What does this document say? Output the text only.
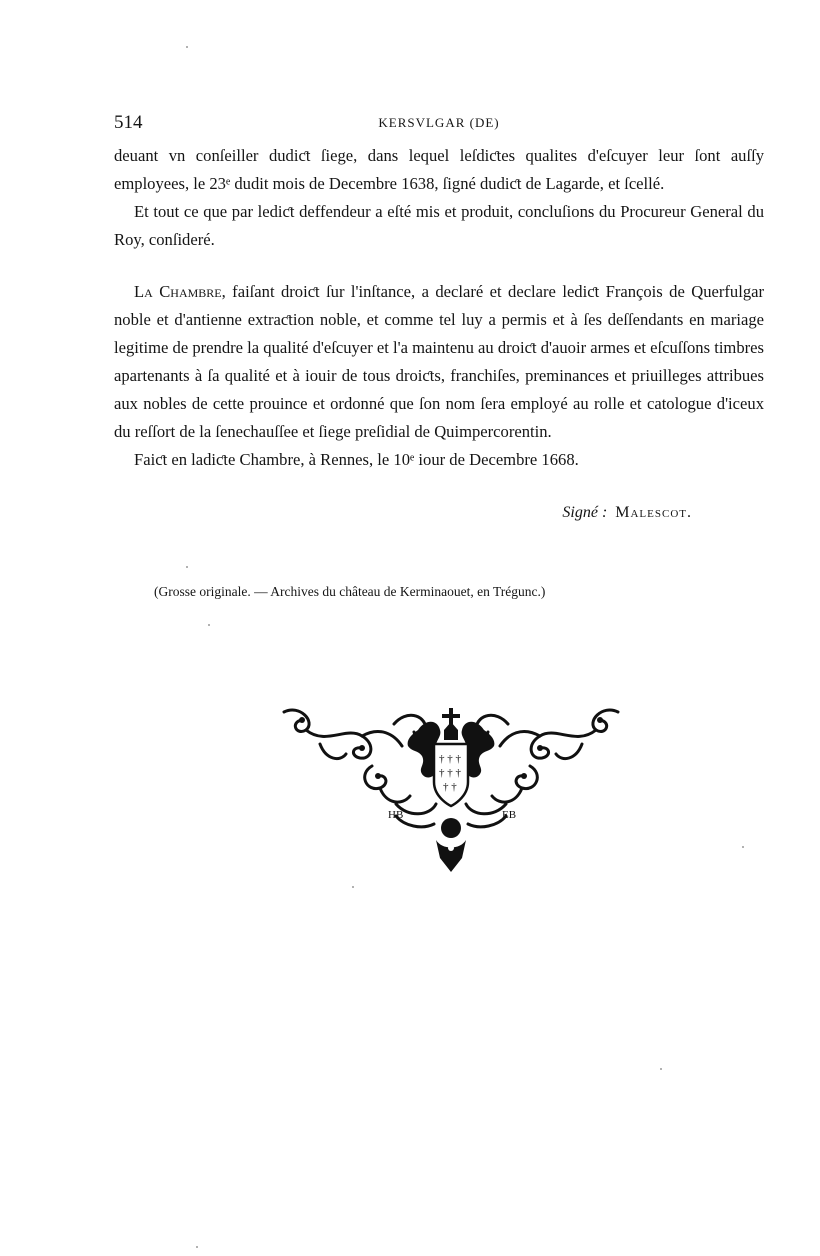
514	KERSVLGAR (DE)

deuant vn conſeiller dudiƈt ſiege, dans lequel leſdiƈtes qualites d'eſcuyer leur ſont auſſy employees, le 23ᵉ dudit mois de Decembre 1638, ſigné dudiƈt de Lagarde, et ſcellé.

Et tout ce que par lediƈt deffendeur a eſté mis et produit, concluſions du Procureur General du Roy, conſideré.

La Chambre, faiſant droiƈt ſur l'inſtance, a declaré et declare lediƈt François de Querfulgar noble et d'antienne extraƈtion noble, et comme tel luy a permis et à ſes deſſendants en mariage legitime de prendre la qualité d'eſcuyer et l'a maintenu au droiƈt d'auoir armes et eſcuſſons timbres apartenants à ſa qualité et à iouir de tous droiƈts, franchiſes, preminances et priuilleges attribues aux nobles de cette prouince et ordonné que ſon nom ſera employé au rolle et catologue d'iceux du reſſort de la ſenechauſſee et ſiege preſidial de Quimpercorentin.

Faiƈt en ladiƈte Chambre, à Rennes, le 10ᵉ iour de Decembre 1668.

Signé : Malescot.
(Grosse originale. — Archives du château de Kerminaouet, en Trégunc.)
† † †
† † †
† †
HB	EB
